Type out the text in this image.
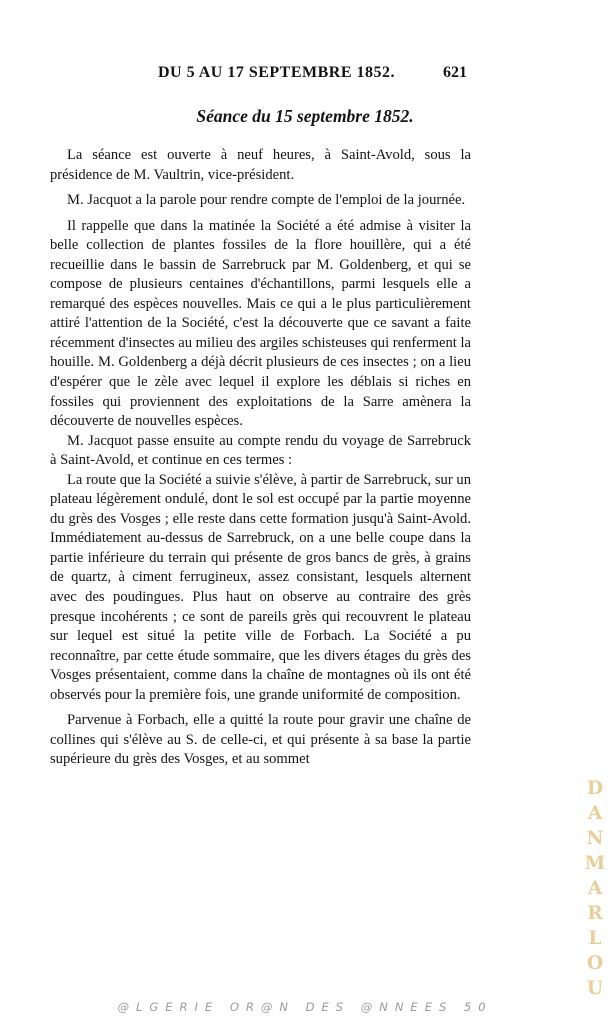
DU 5 AU 17 SEPTEMBRE 1852.	621
Séance du 15 septembre 1852.

La séance est ouverte à neuf heures, à Saint-Avold, sous la présidence de M. Vaultrin, vice-président.

M. Jacquot a la parole pour rendre compte de l'emploi de la journée.

Il rappelle que dans la matinée la Société a été admise à visiter la belle collection de plantes fossiles de la flore houillère, qui a été recueillie dans le bassin de Sarrebruck par M. Goldenberg, et qui se compose de plusieurs centaines d'échantillons, parmi lesquels elle a remarqué des espèces nouvelles. Mais ce qui a le plus particulièrement attiré l'attention de la Société, c'est la découverte que ce savant a faite récemment d'insectes au milieu des argiles schisteuses qui renferment la houille. M. Goldenberg a déjà décrit plusieurs de ces insectes ; on a lieu d'espérer que le zèle avec lequel il explore les déblais si riches en fossiles qui proviennent des exploitations de la Sarre amènera la découverte de nouvelles espèces.

M. Jacquot passe ensuite au compte rendu du voyage de Sarrebruck à Saint-Avold, et continue en ces termes :

La route que la Société a suivie s'élève, à partir de Sarrebruck, sur un plateau légèrement ondulé, dont le sol est occupé par la partie moyenne du grès des Vosges ; elle reste dans cette formation jusqu'à Saint-Avold. Immédiatement au-dessus de Sarrebruck, on a une belle coupe dans la partie inférieure du terrain qui présente de gros bancs de grès, à grains de quartz, à ciment ferrugineux, assez consistant, lesquels alternent avec des poudingues. Plus haut on observe au contraire des grès presque incohérents ; ce sont de pareils grès qui recouvrent le plateau sur lequel est situé la petite ville de Forbach. La Société a pu reconnaître, par cette étude sommaire, que les divers étages du grès des Vosges présentaient, comme dans la chaîne de montagnes où ils ont été observés pour la première fois, une grande uniformité de composition.

Parvenue à Forbach, elle a quitté la route pour gravir une chaîne de collines qui s'élève au S. de celle-ci, et qui présente à sa base la partie supérieure du grès des Vosges, et au sommet

DANMARLOU
@LGERIE OR@N DES @NNEES 50
